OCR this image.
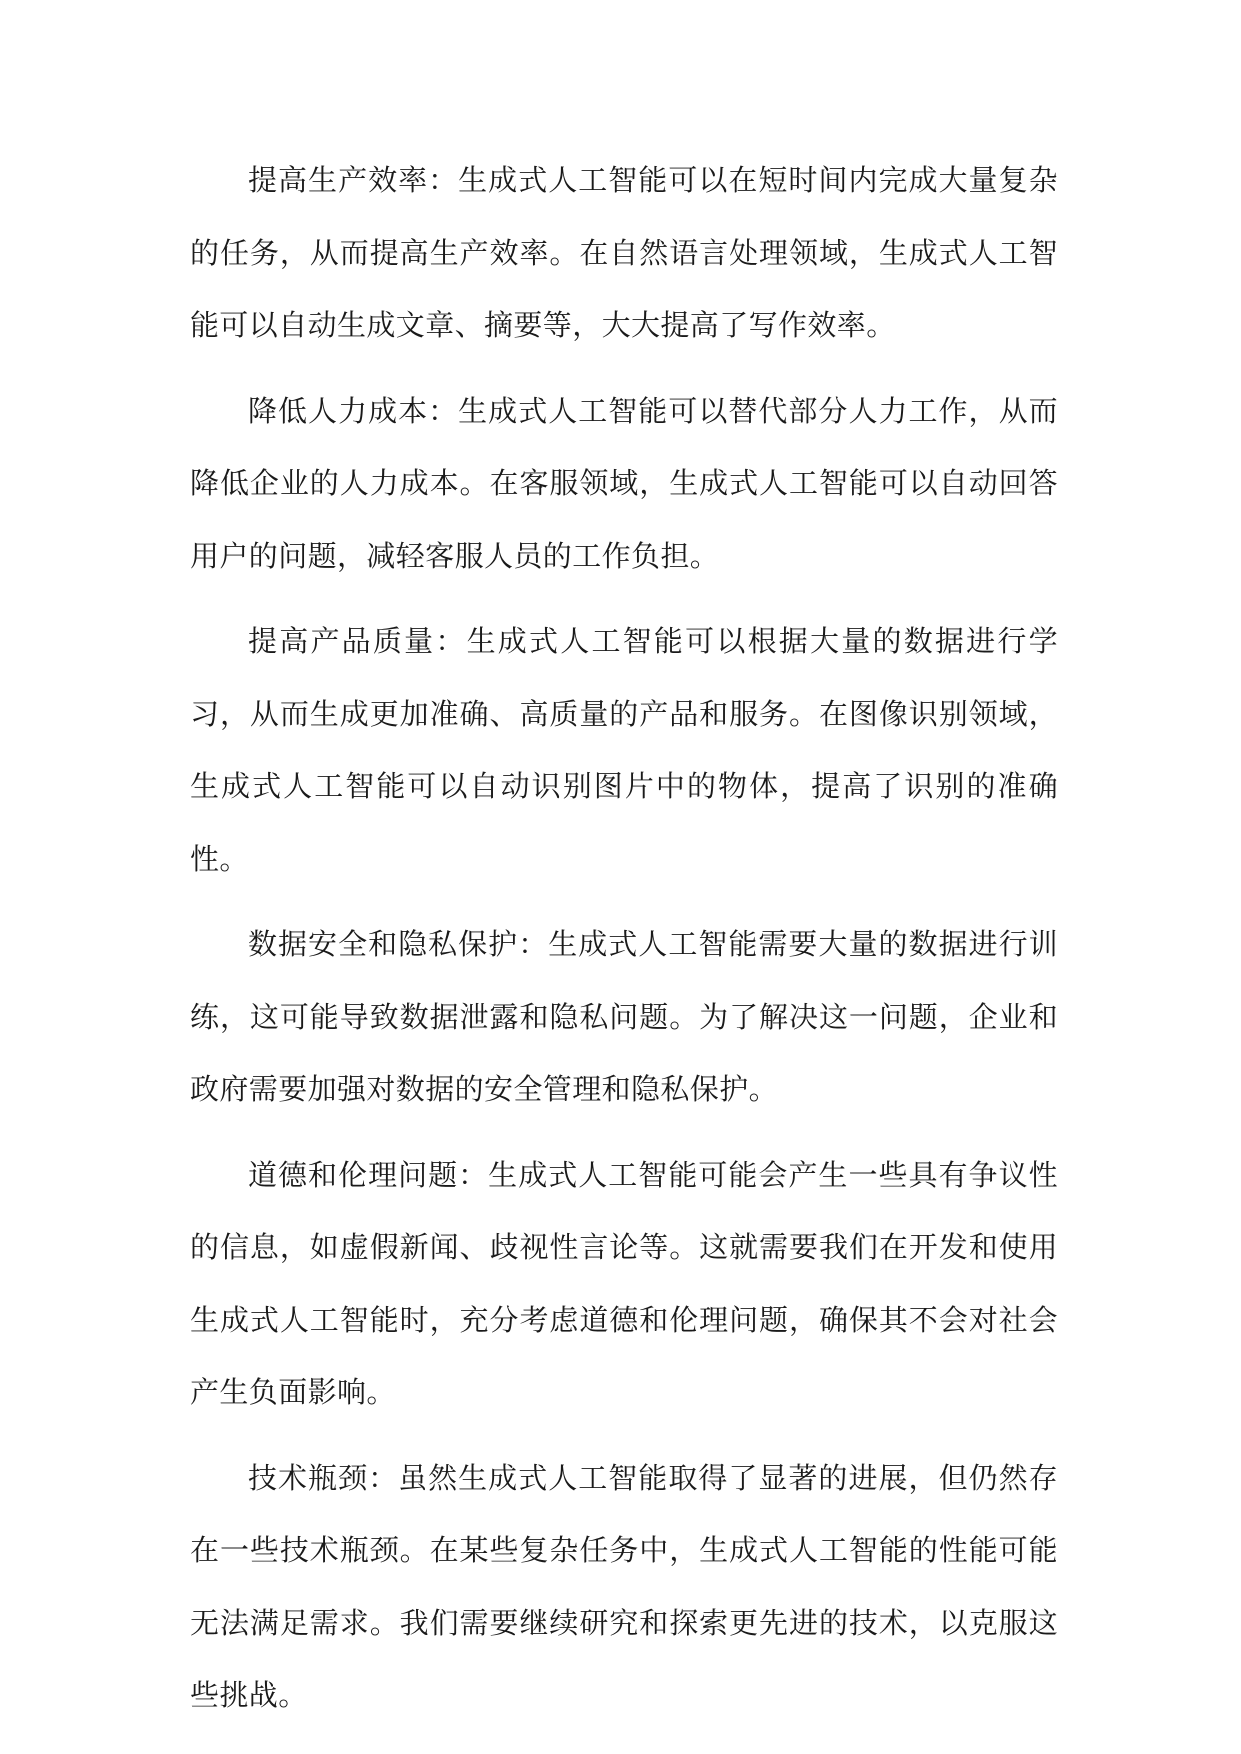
提高生产效率：生成式人工智能可以在短时间内完成大量复杂的任务，从而提高生产效率。在自然语言处理领域，生成式人工智能可以自动生成文章、摘要等，大大提高了写作效率。

降低人力成本：生成式人工智能可以替代部分人力工作，从而降低企业的人力成本。在客服领域，生成式人工智能可以自动回答用户的问题，减轻客服人员的工作负担。

提高产品质量：生成式人工智能可以根据大量的数据进行学习，从而生成更加准确、高质量的产品和服务。在图像识别领域，生成式人工智能可以自动识别图片中的物体，提高了识别的准确性。

数据安全和隐私保护：生成式人工智能需要大量的数据进行训练，这可能导致数据泄露和隐私问题。为了解决这一问题，企业和政府需要加强对数据的安全管理和隐私保护。

道德和伦理问题：生成式人工智能可能会产生一些具有争议性的信息，如虚假新闻、歧视性言论等。这就需要我们在开发和使用生成式人工智能时，充分考虑道德和伦理问题，确保其不会对社会产生负面影响。

技术瓶颈：虽然生成式人工智能取得了显著的进展，但仍然存在一些技术瓶颈。在某些复杂任务中，生成式人工智能的性能可能无法满足需求。我们需要继续研究和探索更先进的技术，以克服这些挑战。
